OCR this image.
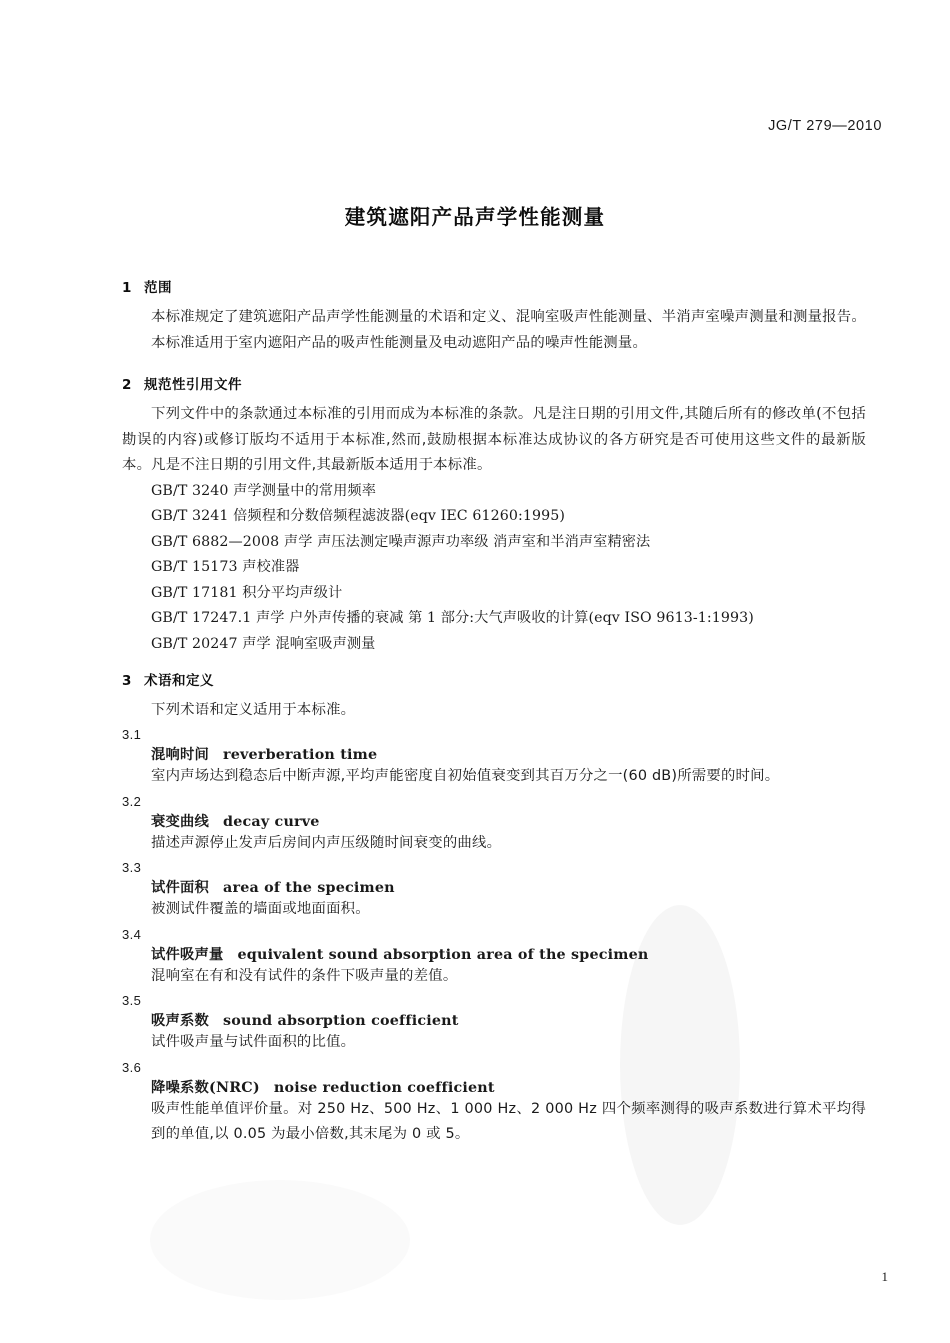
JG/T 279—2010
建筑遮阳产品声学性能测量
1 范围

本标准规定了建筑遮阳产品声学性能测量的术语和定义、混响室吸声性能测量、半消声室噪声测量和测量报告。

本标准适用于室内遮阳产品的吸声性能测量及电动遮阳产品的噪声性能测量。

2 规范性引用文件

下列文件中的条款通过本标准的引用而成为本标准的条款。凡是注日期的引用文件,其随后所有的修改单(不包括勘误的内容)或修订版均不适用于本标准,然而,鼓励根据本标准达成协议的各方研究是否可使用这些文件的最新版本。凡是不注日期的引用文件,其最新版本适用于本标准。

GB/T 3240 声学测量中的常用频率

GB/T 3241 倍频程和分数倍频程滤波器(eqv IEC 61260:1995)

GB/T 6882—2008 声学 声压法测定噪声源声功率级 消声室和半消声室精密法

GB/T 15173 声校准器

GB/T 17181 积分平均声级计

GB/T 17247.1 声学 户外声传播的衰减 第 1 部分:大气声吸收的计算(eqv ISO 9613-1:1993)

GB/T 20247 声学 混响室吸声测量

3 术语和定义

下列术语和定义适用于本标准。

3.1

混响时间 reverberation time

室内声场达到稳态后中断声源,平均声能密度自初始值衰变到其百万分之一(60 dB)所需要的时间。

3.2

衰变曲线 decay curve

描述声源停止发声后房间内声压级随时间衰变的曲线。

3.3

试件面积 area of the specimen

被测试件覆盖的墙面或地面面积。

3.4

试件吸声量 equivalent sound absorption area of the specimen

混响室在有和没有试件的条件下吸声量的差值。

3.5

吸声系数 sound absorption coefficient

试件吸声量与试件面积的比值。

3.6

降噪系数(NRC) noise reduction coefficient

吸声性能单值评价量。对 250 Hz、500 Hz、1 000 Hz、2 000 Hz 四个频率测得的吸声系数进行算术平均得到的单值,以 0.05 为最小倍数,其末尾为 0 或 5。

1
